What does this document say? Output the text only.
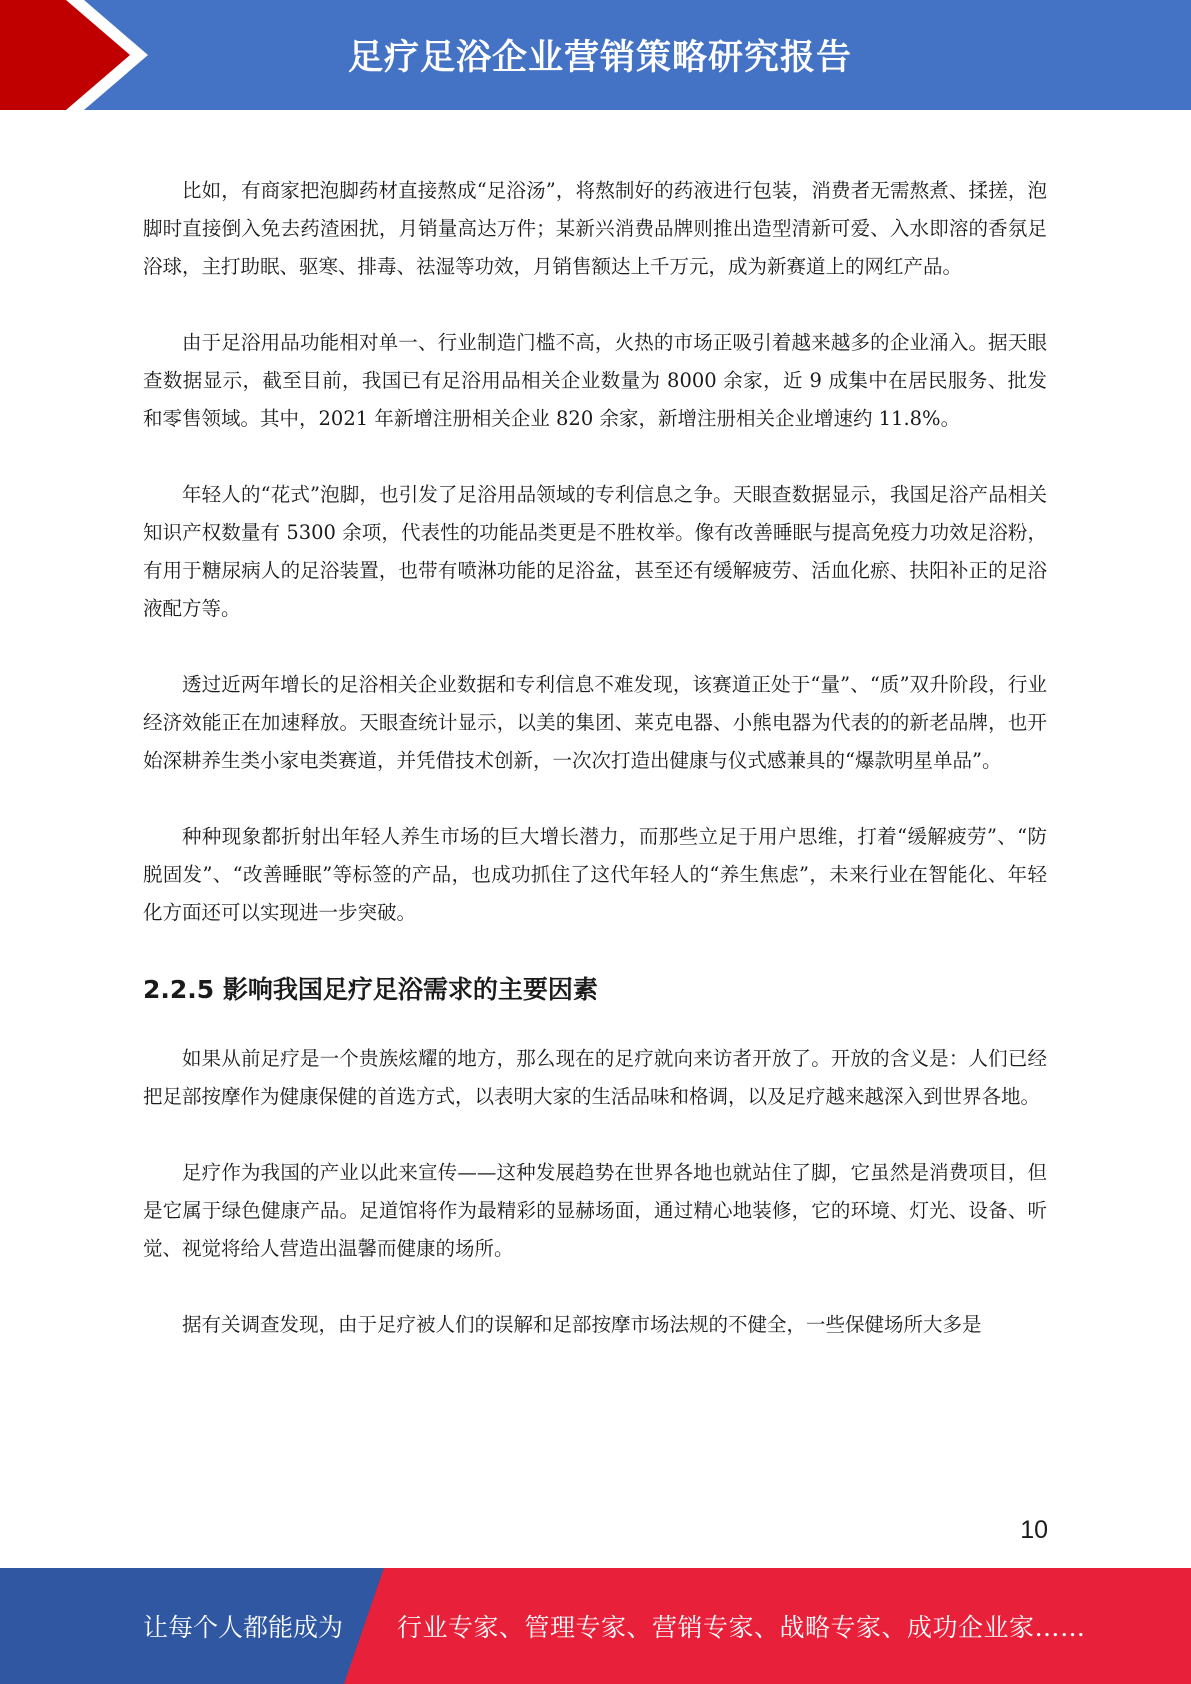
足疗足浴企业营销策略研究报告

比如，有商家把泡脚药材直接熬成“足浴汤”，将熬制好的药液进行包装，消费者无需熬煮、揉搓，泡脚时直接倒入免去药渣困扰，月销量高达万件；某新兴消费品牌则推出造型清新可爱、入水即溶的香氛足浴球，主打助眠、驱寒、排毒、祛湿等功效，月销售额达上千万元，成为新赛道上的网红产品。

由于足浴用品功能相对单一、行业制造门槛不高，火热的市场正吸引着越来越多的企业涌入。据天眼查数据显示，截至目前，我国已有足浴用品相关企业数量为 8000 余家，近 9 成集中在居民服务、批发和零售领域。其中，2021 年新增注册相关企业 820 余家，新增注册相关企业增速约 11.8%。

年轻人的“花式”泡脚，也引发了足浴用品领域的专利信息之争。天眼查数据显示，我国足浴产品相关知识产权数量有 5300 余项，代表性的功能品类更是不胜枚举。像有改善睡眠与提高免疫力功效足浴粉，有用于糖尿病人的足浴装置，也带有喷淋功能的足浴盆，甚至还有缓解疲劳、活血化瘀、扶阳补正的足浴液配方等。

透过近两年增长的足浴相关企业数据和专利信息不难发现，该赛道正处于“量”、“质”双升阶段，行业经济效能正在加速释放。天眼查统计显示，以美的集团、莱克电器、小熊电器为代表的的新老品牌，也开始深耕养生类小家电类赛道，并凭借技术创新，一次次打造出健康与仪式感兼具的“爆款明星单品”。

种种现象都折射出年轻人养生市场的巨大增长潜力，而那些立足于用户思维，打着“缓解疲劳”、“防脱固发”、“改善睡眠”等标签的产品，也成功抓住了这代年轻人的“养生焦虑”，未来行业在智能化、年轻化方面还可以实现进一步突破。

2.2.5 影响我国足疗足浴需求的主要因素

如果从前足疗是一个贵族炫耀的地方，那么现在的足疗就向来访者开放了。开放的含义是：人们已经把足部按摩作为健康保健的首选方式，以表明大家的生活品味和格调，以及足疗越来越深入到世界各地。

足疗作为我国的产业以此来宣传——这种发展趋势在世界各地也就站住了脚，它虽然是消费项目，但是它属于绿色健康产品。足道馆将作为最精彩的显赫场面，通过精心地装修，它的环境、灯光、设备、听觉、视觉将给人营造出温馨而健康的场所。

据有关调查发现，由于足疗被人们的误解和足部按摩市场法规的不健全，一些保健场所大多是

10
让每个人都能成为 行业专家、管理专家、营销专家、战略专家、成功企业家……
